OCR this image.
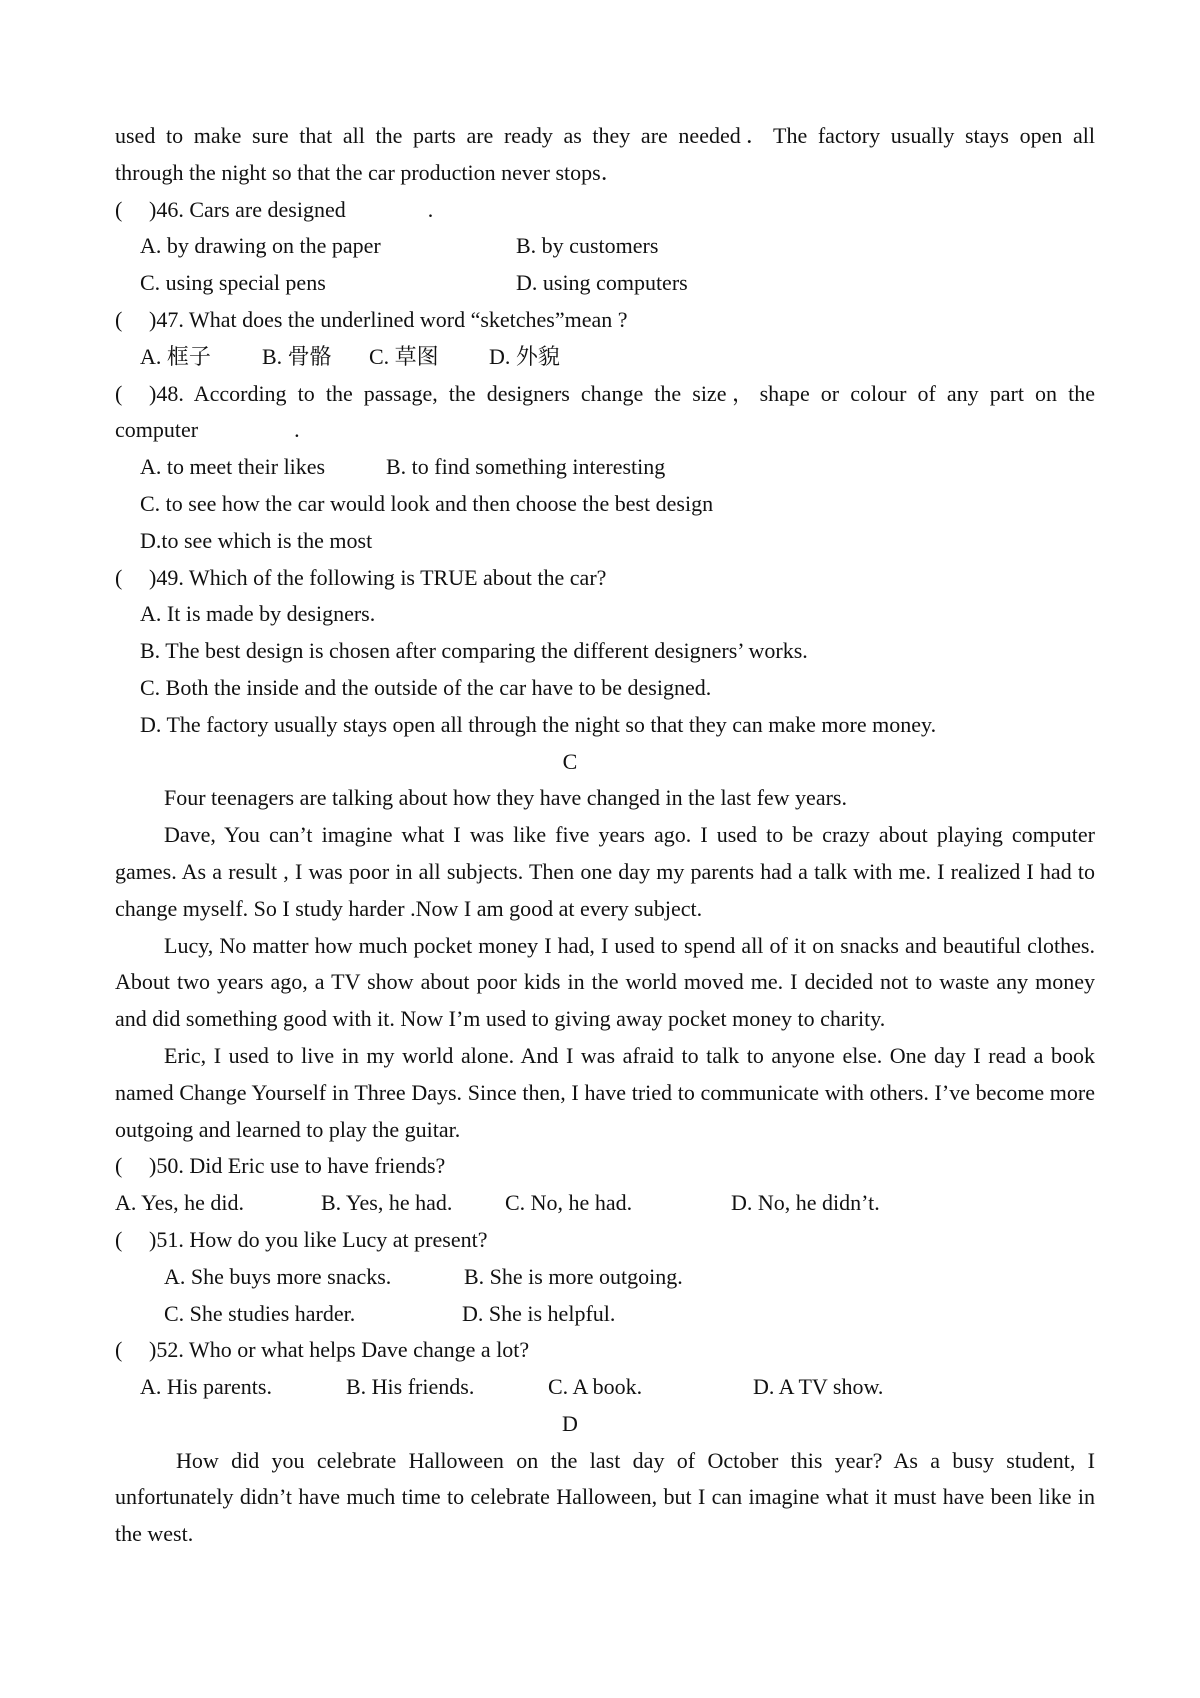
used to make sure that all the parts are ready as they are needed．The factory usually stays open all
through the night so that the car production never stops．
( )46. Cars are designed	.
A. by drawing on the paper	B. by customers
C. using special pens	D. using computers
( )47. What does the underlined word “sketches”mean ?
A. 框子 B. 骨骼 C. 草图 D. 外貌
( )48. According to the passage, the designers change the size，shape or colour of any part on the
computer	.
A. to meet their likes	B. to find something interesting
C. to see how the car would look and then choose the best design
D.to see which is the most
( )49. Which of the following is TRUE about the car?
A. It is made by designers.
B. The best design is chosen after comparing the different designers’ works.
C. Both the inside and the outside of the car have to be designed.
D. The factory usually stays open all through the night so that they can make more money.
C
Four teenagers are talking about how they have changed in the last few years.
Dave, You can’t imagine what I was like five years ago. I used to be crazy about playing computer games. As a result , I was poor in all subjects. Then one day my parents had a talk with me. I realized I had to change myself. So I study harder .Now I am good at every subject.
Lucy, No matter how much pocket money I had, I used to spend all of it on snacks and beautiful clothes. About two years ago, a TV show about poor kids in the world moved me. I decided not to waste any money and did something good with it. Now I’m used to giving away pocket money to charity.
Eric, I used to live in my world alone. And I was afraid to talk to anyone else. One day I read a book named Change Yourself in Three Days. Since then, I have tried to communicate with others. I’ve become more outgoing and learned to play the guitar.
( )50. Did Eric use to have friends?
A. Yes, he did.	B. Yes, he had. C. No, he had.	D. No, he didn’t.
( )51. How do you like Lucy at present?
A. She buys more snacks.	B. She is more outgoing.
C. She studies harder.	D. She is helpful.
( )52. Who or what helps Dave change a lot?
A. His parents.	B. His friends.	C. A book.	D. A TV show.
D
How did you celebrate Halloween on the last day of October this year? As a busy student, I unfortunately didn’t have much time to celebrate Halloween, but I can imagine what it must have been like in the west.
